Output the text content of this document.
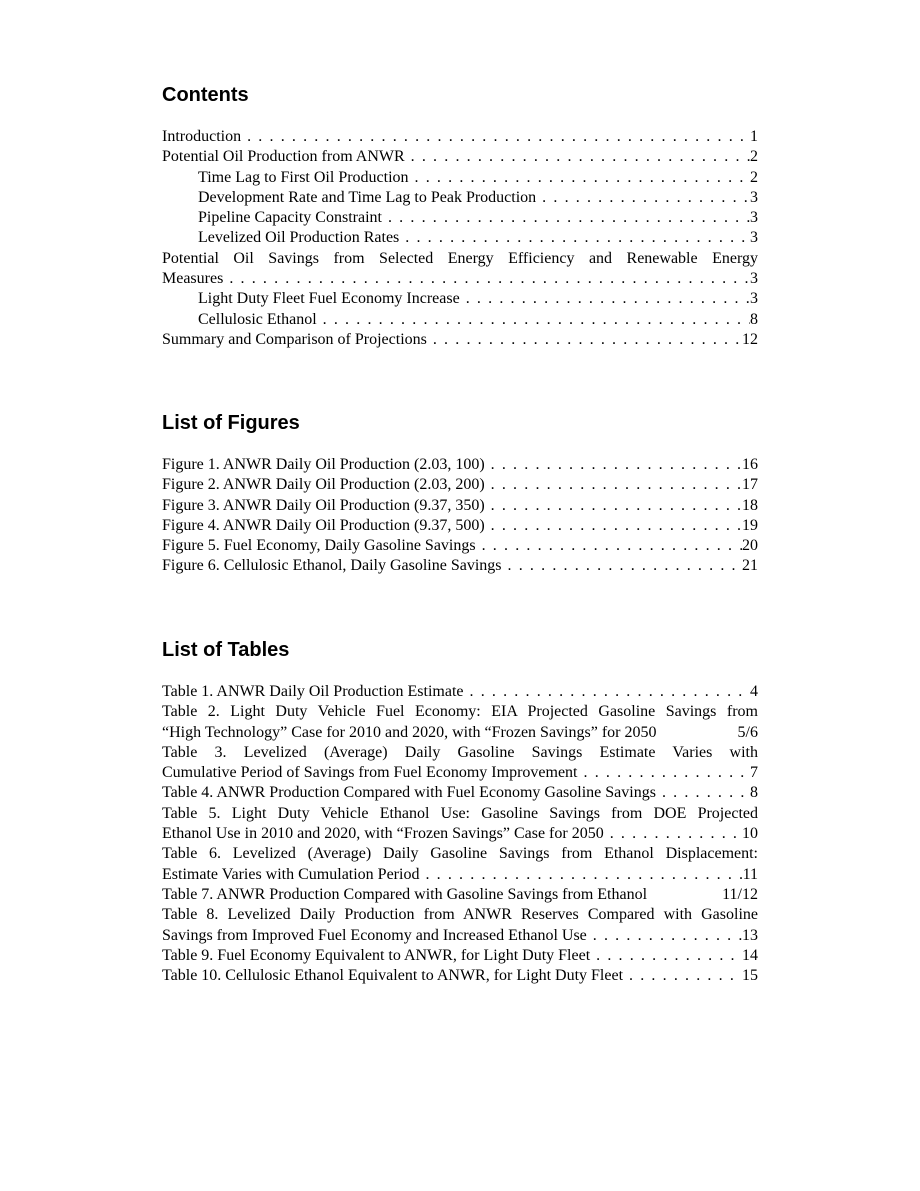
Contents
Introduction . . .	1
Potential Oil Production from ANWR . . .	2
Time Lag to First Oil Production . . .	2
Development Rate and Time Lag to Peak Production . . .	3
Pipeline Capacity Constraint . . .	3
Levelized Oil Production Rates . . .	3
Potential Oil Savings from Selected Energy Efficiency and Renewable Energy
Measures . . .	3
Light Duty Fleet Fuel Economy Increase . . .	3
Cellulosic Ethanol . . .	8
Summary and Comparison of Projections . . .	12
List of Figures
Figure 1. ANWR Daily Oil Production (2.03, 100) . . .	16
Figure 2. ANWR Daily Oil Production (2.03, 200) . . .	17
Figure 3. ANWR Daily Oil Production (9.37, 350) . . .	18
Figure 4. ANWR Daily Oil Production (9.37, 500) . . .	19
Figure 5. Fuel Economy, Daily Gasoline Savings . . .	20
Figure 6. Cellulosic Ethanol, Daily Gasoline Savings . . .	21
List of Tables
Table 1. ANWR Daily Oil Production Estimate . . .	4
Table 2. Light Duty Vehicle Fuel Economy: EIA Projected Gasoline Savings from
“High Technology” Case for 2010 and 2020, with “Frozen Savings” for 2050	5/6
Table 3. Levelized (Average) Daily Gasoline Savings Estimate Varies with
Cumulative Period of Savings from Fuel Economy Improvement . . .	7
Table 4. ANWR Production Compared with Fuel Economy Gasoline Savings . . .	8
Table 5. Light Duty Vehicle Ethanol Use: Gasoline Savings from DOE Projected
Ethanol Use in 2010 and 2020, with “Frozen Savings” Case for 2050 . . .	10
Table 6. Levelized (Average) Daily Gasoline Savings from Ethanol Displacement:
Estimate Varies with Cumulation Period . . .	11
Table 7. ANWR Production Compared with Gasoline Savings from Ethanol	11/12
Table 8. Levelized Daily Production from ANWR Reserves Compared with Gasoline
Savings from Improved Fuel Economy and Increased Ethanol Use . . .	13
Table 9. Fuel Economy Equivalent to ANWR, for Light Duty Fleet . . .	14
Table 10. Cellulosic Ethanol Equivalent to ANWR, for Light Duty Fleet . . .	15
